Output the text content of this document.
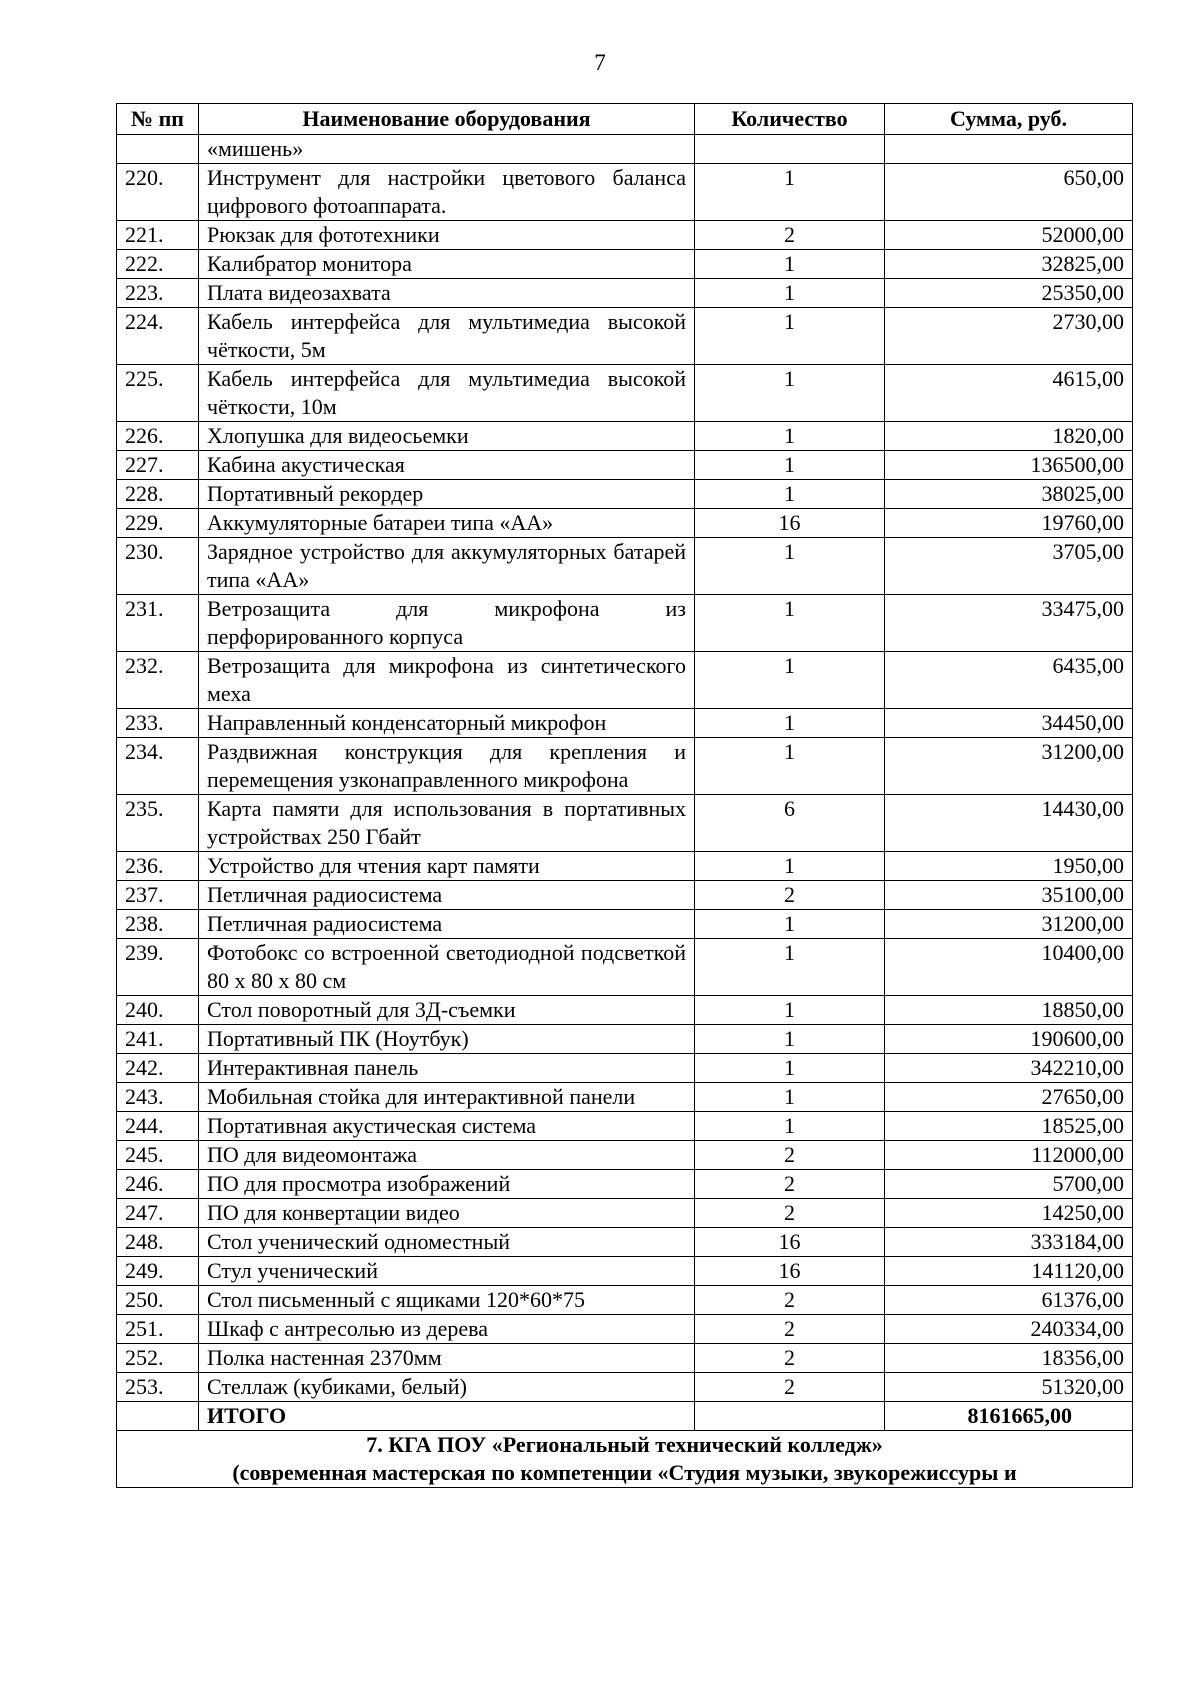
7
№ пп	Наименование оборудования	Количество	Сумма, руб.
	«мишень»		
220.	Инструмент для настройки цветового баланса цифрового фотоаппарата.	1	650,00
221.	Рюкзак для фототехники	2	52000,00
222.	Калибратор монитора	1	32825,00
223.	Плата видеозахвата	1	25350,00
224.	Кабель интерфейса для мультимедиа высокой чёткости, 5м	1	2730,00
225.	Кабель интерфейса для мультимедиа высокой чёткости, 10м	1	4615,00
226.	Хлопушка для видеосьемки	1	1820,00
227.	Кабина акустическая	1	136500,00
228.	Портативный рекордер	1	38025,00
229.	Аккумуляторные батареи типа «АА»	16	19760,00
230.	Зарядное устройство для аккумуляторных батарей типа «АА»	1	3705,00
231.	Ветрозащита для микрофона из перфорированного корпуса	1	33475,00
232.	Ветрозащита для микрофона из синтетического меха	1	6435,00
233.	Направленный конденсаторный микрофон	1	34450,00
234.	Раздвижная конструкция для крепления и перемещения узконаправленного микрофона	1	31200,00
235.	Карта памяти для использования в портативных устройствах 250 Гбайт	6	14430,00
236.	Устройство для чтения карт памяти	1	1950,00
237.	Петличная радиосистема	2	35100,00
238.	Петличная радиосистема	1	31200,00
239.	Фотобокс со встроенной светодиодной подсветкой 80 х 80 х 80 см	1	10400,00
240.	Стол поворотный для 3Д-съемки	1	18850,00
241.	Портативный ПК (Ноутбук)	1	190600,00
242.	Интерактивная панель	1	342210,00
243.	Мобильная стойка для интерактивной панели	1	27650,00
244.	Портативная акустическая система	1	18525,00
245.	ПО для видеомонтажа	2	112000,00
246.	ПО для просмотра изображений	2	5700,00
247.	ПО для конвертации видео	2	14250,00
248.	Стол ученический одноместный	16	333184,00
249.	Стул ученический	16	141120,00
250.	Стол письменный с ящиками 120*60*75	2	61376,00
251.	Шкаф с антресолью из дерева	2	240334,00
252.	Полка настенная 2370мм	2	18356,00
253.	Стеллаж (кубиками, белый)	2	51320,00
	ИТОГО		8161665,00

7. КГА ПОУ «Региональный технический колледж»
(современная мастерская по компетенции «Студия музыки, звукорежиссуры и			
